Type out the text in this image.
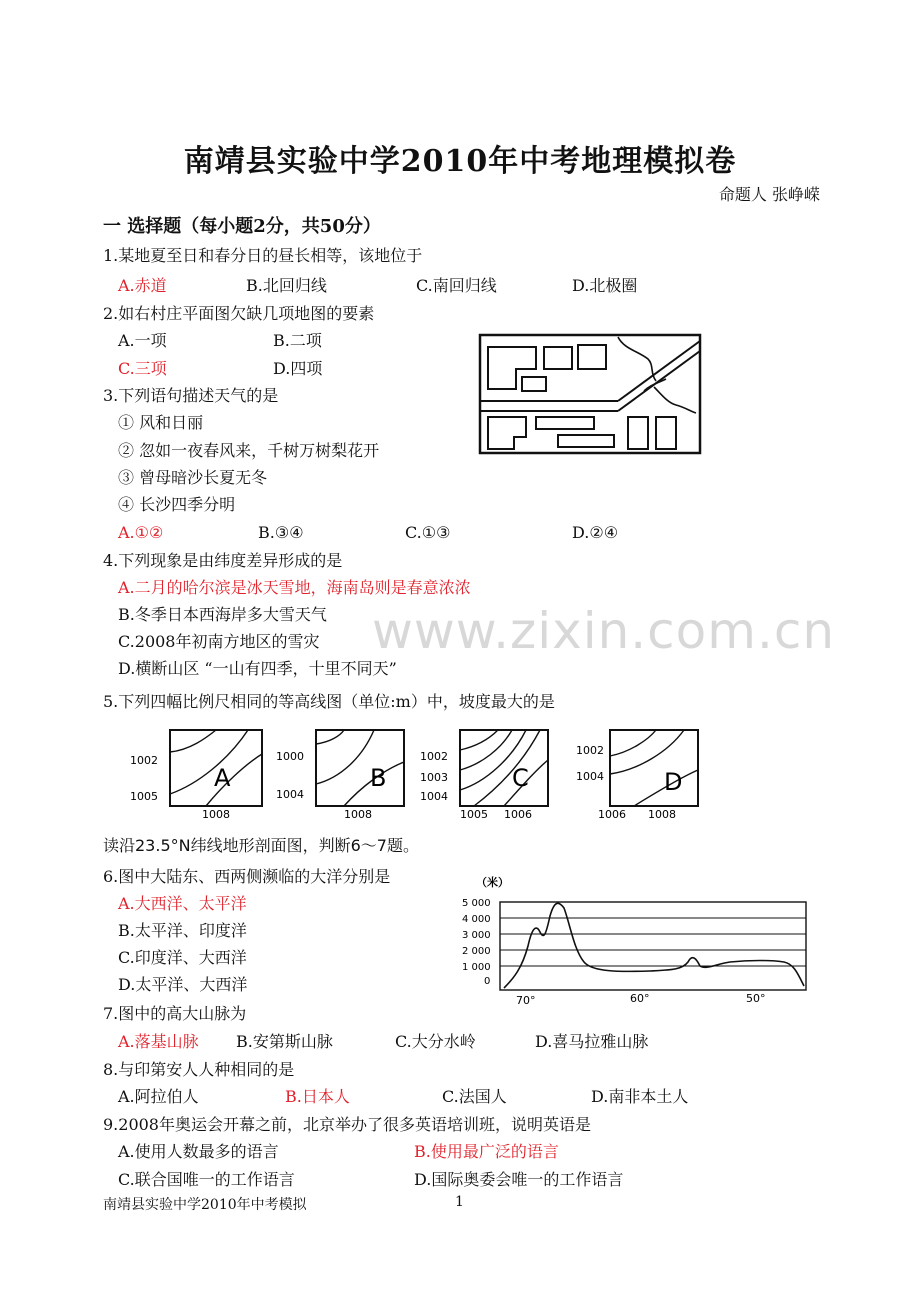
南靖县实验中学2010年中考地理模拟卷
命题人 张峥嵘
一 选择题（每小题2分，共50分）
1.某地夏至日和春分日的昼长相等，该地位于
A.赤道	B.北回归线	C.南回归线	D.北极圈
2.如右村庄平面图欠缺几项地图的要素
A.一项	B.二项
C.三项	D.四项
3.下列语句描述天气的是
① 风和日丽
② 忽如一夜春风来，千树万树梨花开
③ 曾母暗沙长夏无冬
④ 长沙四季分明
A.①②	B.③④	C.①③	D.②④
4.下列现象是由纬度差异形成的是
A.二月的哈尔滨是冰天雪地，海南岛则是春意浓浓
B.冬季日本西海岸多大雪天气
C.2008年初南方地区的雪灾
D.横断山区 “一山有四季，十里不同天”
www.zixin.com.cn
5.下列四幅比例尺相同的等高线图（单位:m）中，坡度最大的是
1002
1005
1008
A
1000
1004
1008
B
1002
1003
1004
1005 1006
C
1002
1004
1006 1008
D
读沿23.5°N纬线地形剖面图，判断6～7题。
6.图中大陆东、西两侧濒临的大洋分别是
A.大西洋、太平洋
B.太平洋、印度洋
C.印度洋、大西洋
D.太平洋、大西洋
（米）
5 000
4 000
3 000
2 000
1 000
0
70°	60°	50°
7.图中的高大山脉为
A.落基山脉 B.安第斯山脉	C.大分水岭	D.喜马拉雅山脉
8.与印第安人人种相同的是
A.阿拉伯人	B.日本人	C.法国人	D.南非本土人
9.2008年奥运会开幕之前，北京举办了很多英语培训班，说明英语是
A.使用人数最多的语言	B.使用最广泛的语言
C.联合国唯一的工作语言	D.国际奥委会唯一的工作语言
南靖县实验中学2010年中考模拟	1
